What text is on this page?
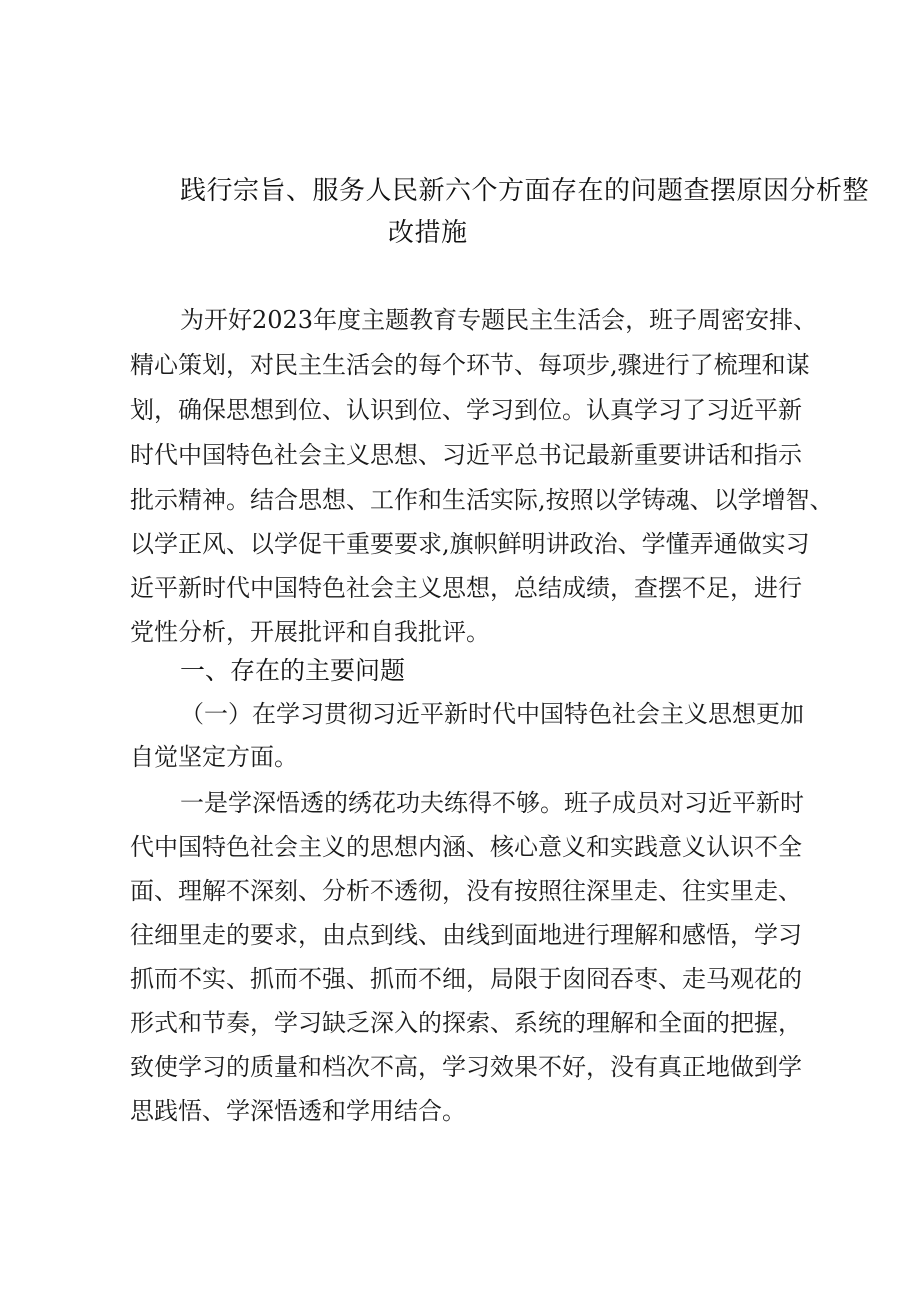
践行宗旨、服务人民新六个方面存在的问题查摆原因分析整
改措施
为开好2023年度主题教育专题民主生活会，班子周密安排、
精心策划，对民主生活会的每个环节、每项步,骤进行了梳理和谋
划，确保思想到位、认识到位、学习到位。认真学习了习近平新
时代中国特色社会主义思想、习近平总书记最新重要讲话和指示
批示精神。结合思想、工作和生活实际,按照以学铸魂、以学增智、
以学正风、以学促干重要要求,旗帜鲜明讲政治、学懂弄通做实习
近平新时代中国特色社会主义思想，总结成绩，查摆不足，进行
党性分析，开展批评和自我批评。
一、存在的主要问题
（一）在学习贯彻习近平新时代中国特色社会主义思想更加
自觉坚定方面。
一是学深悟透的绣花功夫练得不够。班子成员对习近平新时
代中国特色社会主义的思想内涵、核心意义和实践意义认识不全
面、理解不深刻、分析不透彻，没有按照往深里走、往实里走、
往细里走的要求，由点到线、由线到面地进行理解和感悟，学习
抓而不实、抓而不强、抓而不细，局限于囱冏吞枣、走马观花的
形式和节奏，学习缺乏深入的探索、系统的理解和全面的把握，
致使学习的质量和档次不高，学习效果不好，没有真正地做到学
思践悟、学深悟透和学用结合。
